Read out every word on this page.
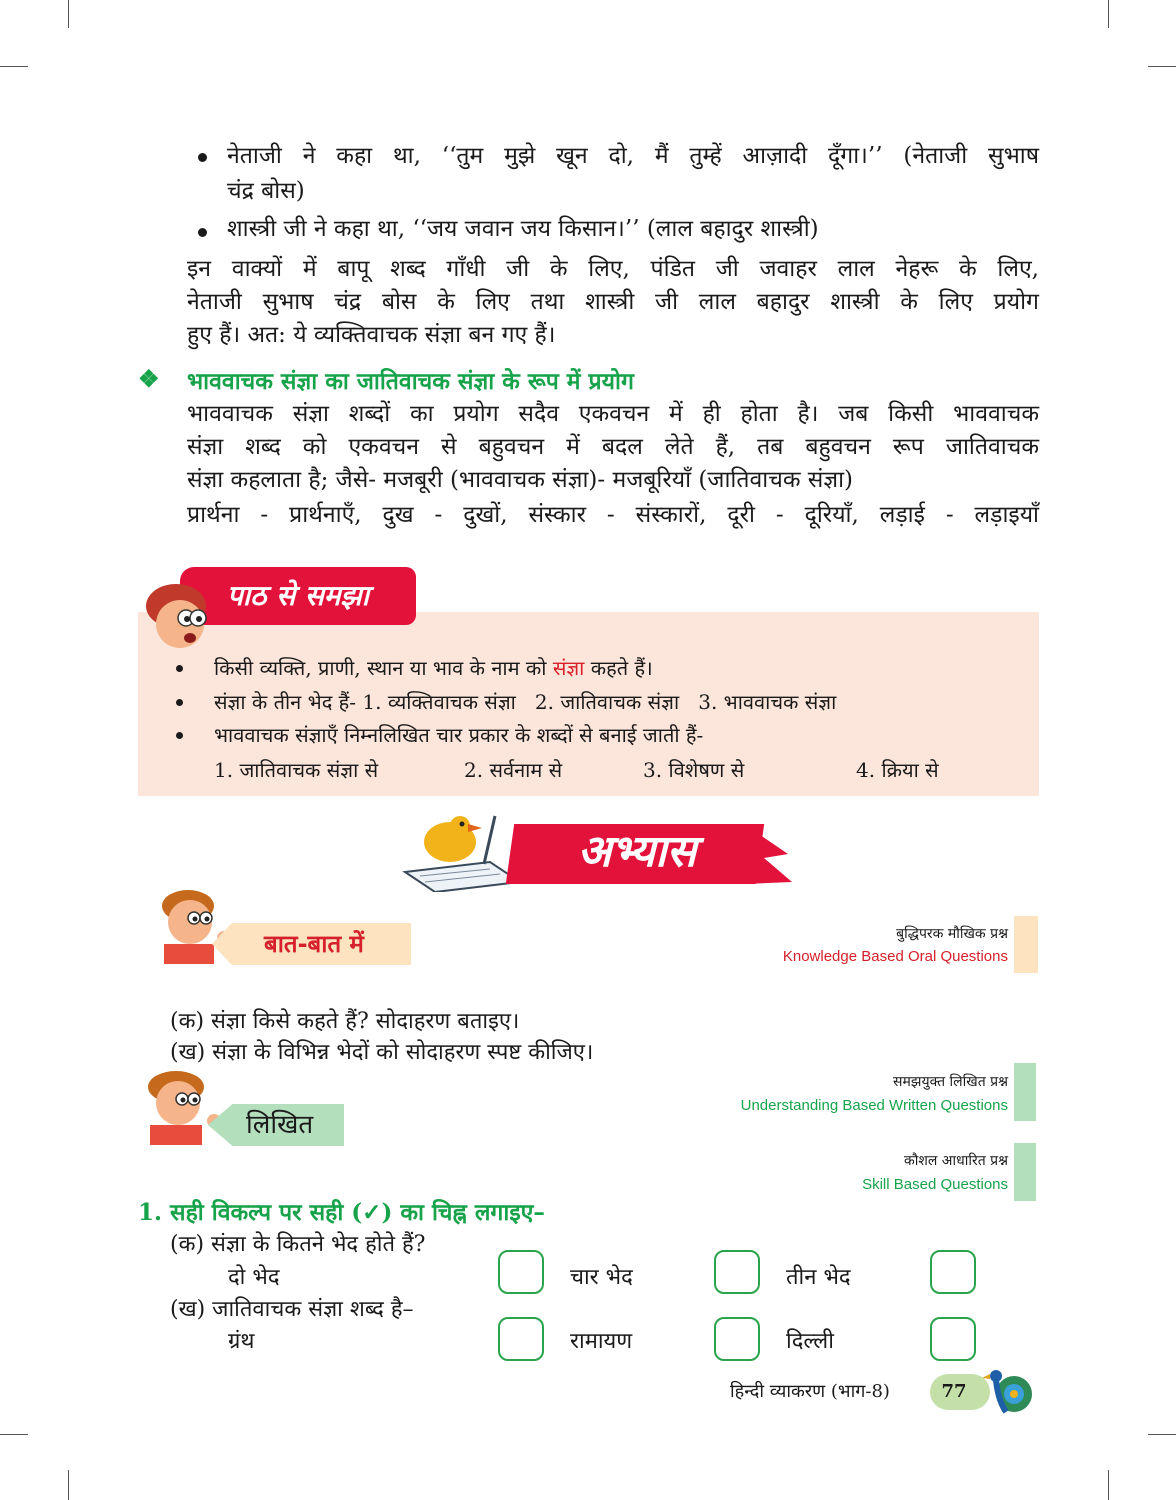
नेताजी ने कहा था, ‘‘तुम मुझे खून दो, मैं तुम्हें आज़ादी दूँगा।’’ (नेताजी सुभाष
चंद्र बोस)
शास्त्री जी ने कहा था, ‘‘जय जवान जय किसान।’’ (लाल बहादुर शास्त्री)
इन वाक्यों में बापू शब्द गाँधी जी के लिए, पंडित जी जवाहर लाल नेहरू के लिए,
नेताजी सुभाष चंद्र बोस के लिए तथा शास्त्री जी लाल बहादुर शास्त्री के लिए प्रयोग
हुए हैं। अत: ये व्यक्तिवाचक संज्ञा बन गए हैं।
❖ भाववाचक संज्ञा का जातिवाचक संज्ञा के रूप में प्रयोग
भाववाचक संज्ञा शब्दों का प्रयोग सदैव एकवचन में ही होता है। जब किसी भाववाचक
संज्ञा शब्द को एकवचन से बहुवचन में बदल लेते हैं, तब बहुवचन रूप जातिवाचक
संज्ञा कहलाता है; जैसे- मजबूरी (भाववाचक संज्ञा)- मजबूरियाँ (जातिवाचक संज्ञा)
प्रार्थना - प्रार्थनाएँ, दुख - दुखों, संस्कार - संस्कारों, दूरी - दूरियाँ, लड़ाई - लड़ाइयाँ
पाठ से समझा
किसी व्यक्ति, प्राणी, स्थान या भाव के नाम को संज्ञा कहते हैं।
संज्ञा के तीन भेद हैं- 1. व्यक्तिवाचक संज्ञा   2. जातिवाचक संज्ञा   3. भाववाचक संज्ञा
भाववाचक संज्ञाएँ निम्नलिखित चार प्रकार के शब्दों से बनाई जाती हैं-
1. जातिवाचक संज्ञा से	2. सर्वनाम से	3. विशेषण से	4. क्रिया से
अभ्यास
बात-बात में	बुद्धिपरक मौखिक प्रश्न
Knowledge Based Oral Questions
(क) संज्ञा किसे कहते हैं? सोदाहरण बताइए।
(ख) संज्ञा के विभिन्न भेदों को सोदाहरण स्पष्ट कीजिए।
लिखित
समझयुक्त लिखित प्रश्न
Understanding Based Written Questions
कौशल आधारित प्रश्न
Skill Based Questions
1. सही विकल्प पर सही (✓) का चिह्न लगाइए–
(क) संज्ञा के कितने भेद होते हैं?
दो भेद	चार भेद	तीन भेद
(ख) जातिवाचक संज्ञा शब्द है–
ग्रंथ	रामायण	दिल्ली
हिन्दी व्याकरण (भाग-8)	77
